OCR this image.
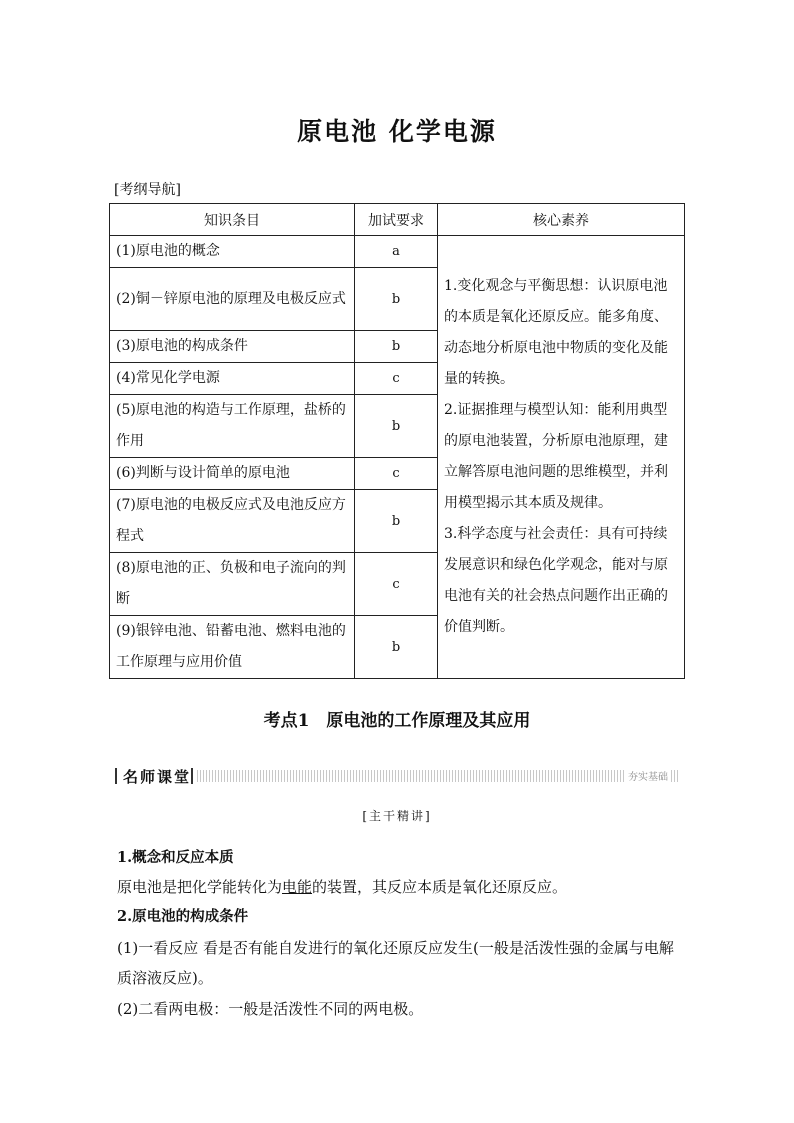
原电池 化学电源
[考纲导航]
知识条目	加试要求	核心素养
(1)原电池的概念	a	1.变化观念与平衡思想：认识原电池的本质是氧化还原反应。能多角度、动态地分析原电池中物质的变化及能量的转换。

2.证据推理与模型认知：能利用典型的原电池装置，分析原电池原理，建立解答原电池问题的思维模型，并利用模型揭示其本质及规律。

3.科学态度与社会责任：具有可持续发展意识和绿色化学观念，能对与原电池有关的社会热点问题作出正确的价值判断。

(2)铜－锌原电池的原理及电极反应式	b	
(3)原电池的构成条件	b	
(4)常见化学电源	c	
(5)原电池的构造与工作原理，盐桥的作用	b	
(6)判断与设计简单的原电池	c	
(7)原电池的电极反应式及电池反应方程式	b	
(8)原电池的正、负极和电子流向的判断	c	
(9)银锌电池、铅蓄电池、燃料电池的工作原理与应用价值	b	
考点1　原电池的工作原理及其应用
名师课堂	夯实基础
[主干精讲]
1.概念和反应本质
原电池是把化学能转化为电能的装置，其反应本质是氧化还原反应。
2.原电池的构成条件
(1)一看反应 看是否有能自发进行的氧化还原反应发生(一般是活泼性强的金属与电解质溶液反应)。
(2)二看两电极：一般是活泼性不同的两电极。
